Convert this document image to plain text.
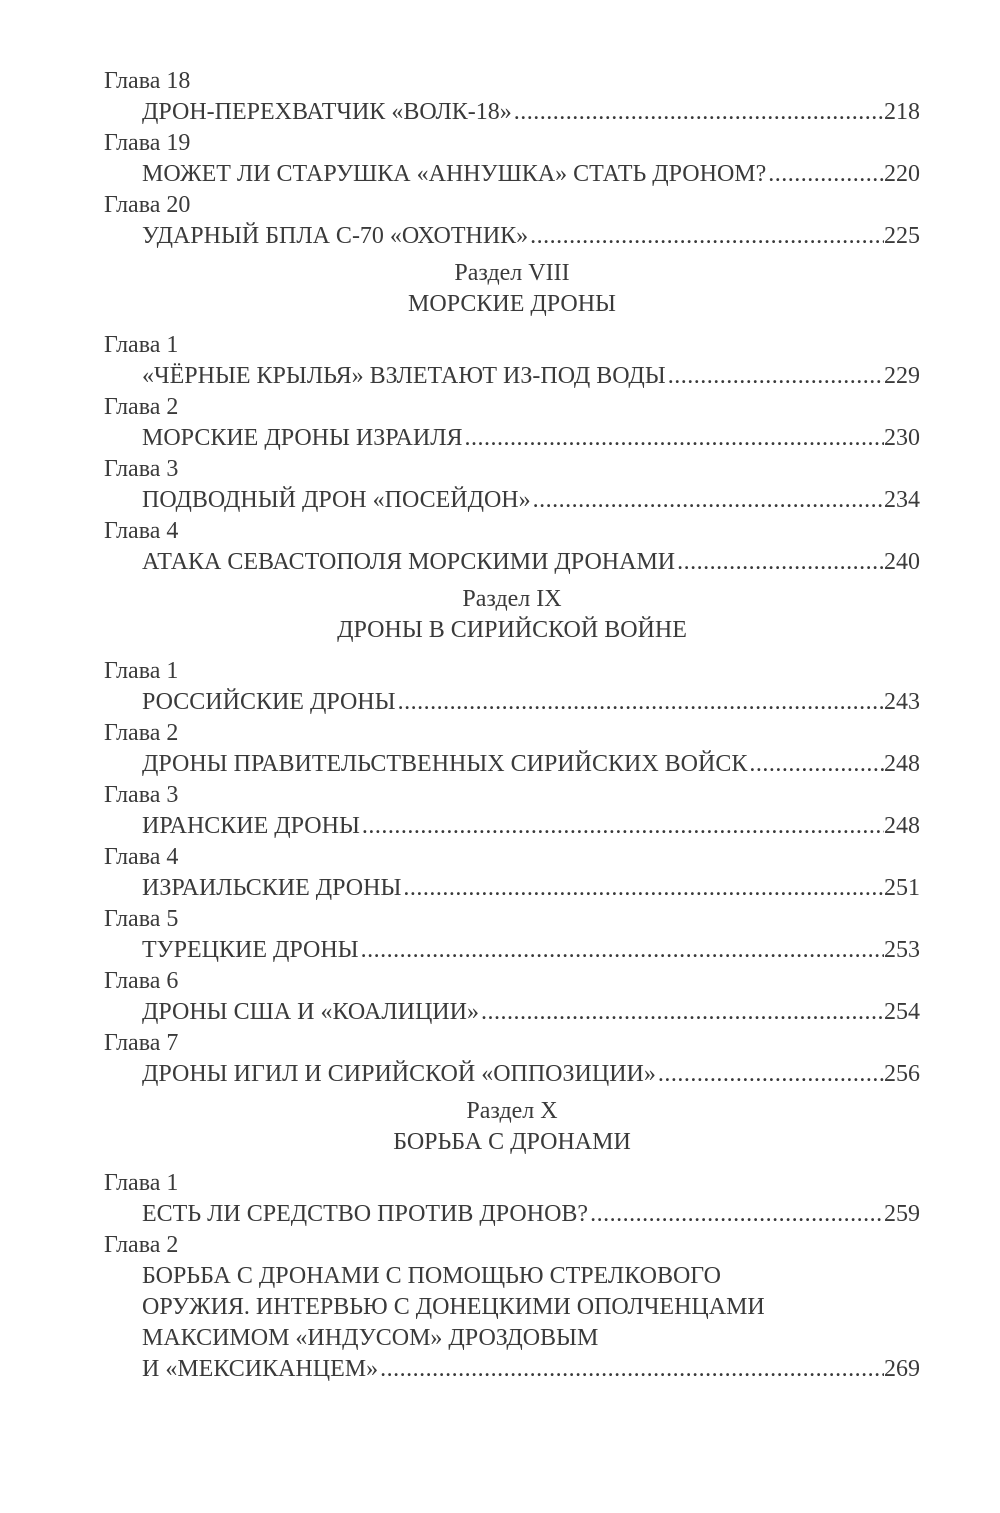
Глава 18
ДРОН-ПЕРЕХВАТЧИК «ВОЛК-18» .....	218
Глава 19
МОЖЕТ ЛИ СТАРУШКА «АННУШКА» СТАТЬ ДРОНОМ? .....	220
Глава 20
УДАРНЫЙ БПЛА С-70 «ОХОТНИК» .....	225
Раздел VIII
МОРСКИЕ ДРОНЫ
Глава 1
«ЧЁРНЫЕ КРЫЛЬЯ» ВЗЛЕТАЮТ ИЗ-ПОД ВОДЫ .....	229
Глава 2
МОРСКИЕ ДРОНЫ ИЗРАИЛЯ .....	230
Глава 3
ПОДВОДНЫЙ ДРОН «ПОСЕЙДОН» .....	234
Глава 4
АТАКА СЕВАСТОПОЛЯ МОРСКИМИ ДРОНАМИ .....	240
Раздел IX
ДРОНЫ В СИРИЙСКОЙ ВОЙНЕ
Глава 1
РОССИЙСКИЕ ДРОНЫ .....	243
Глава 2
ДРОНЫ ПРАВИТЕЛЬСТВЕННЫХ СИРИЙСКИХ ВОЙСК .....	248
Глава 3
ИРАНСКИЕ ДРОНЫ .....	248
Глава 4
ИЗРАИЛЬСКИЕ ДРОНЫ .....	251
Глава 5
ТУРЕЦКИЕ ДРОНЫ .....	253
Глава 6
ДРОНЫ США И «КОАЛИЦИИ» .....	254
Глава 7
ДРОНЫ ИГИЛ И СИРИЙСКОЙ «ОППОЗИЦИИ» .....	256
Раздел X
БОРЬБА С ДРОНАМИ
Глава 1
ЕСТЬ ЛИ СРЕДСТВО ПРОТИВ ДРОНОВ? .....	259
Глава 2
БОРЬБА С ДРОНАМИ С ПОМОЩЬЮ СТРЕЛКОВОГО
ОРУЖИЯ. ИНТЕРВЬЮ С ДОНЕЦКИМИ ОПОЛЧЕНЦАМИ
МАКСИМОМ «ИНДУСОМ» ДРОЗДОВЫМ
И «МЕКСИКАНЦЕМ» .....	269
